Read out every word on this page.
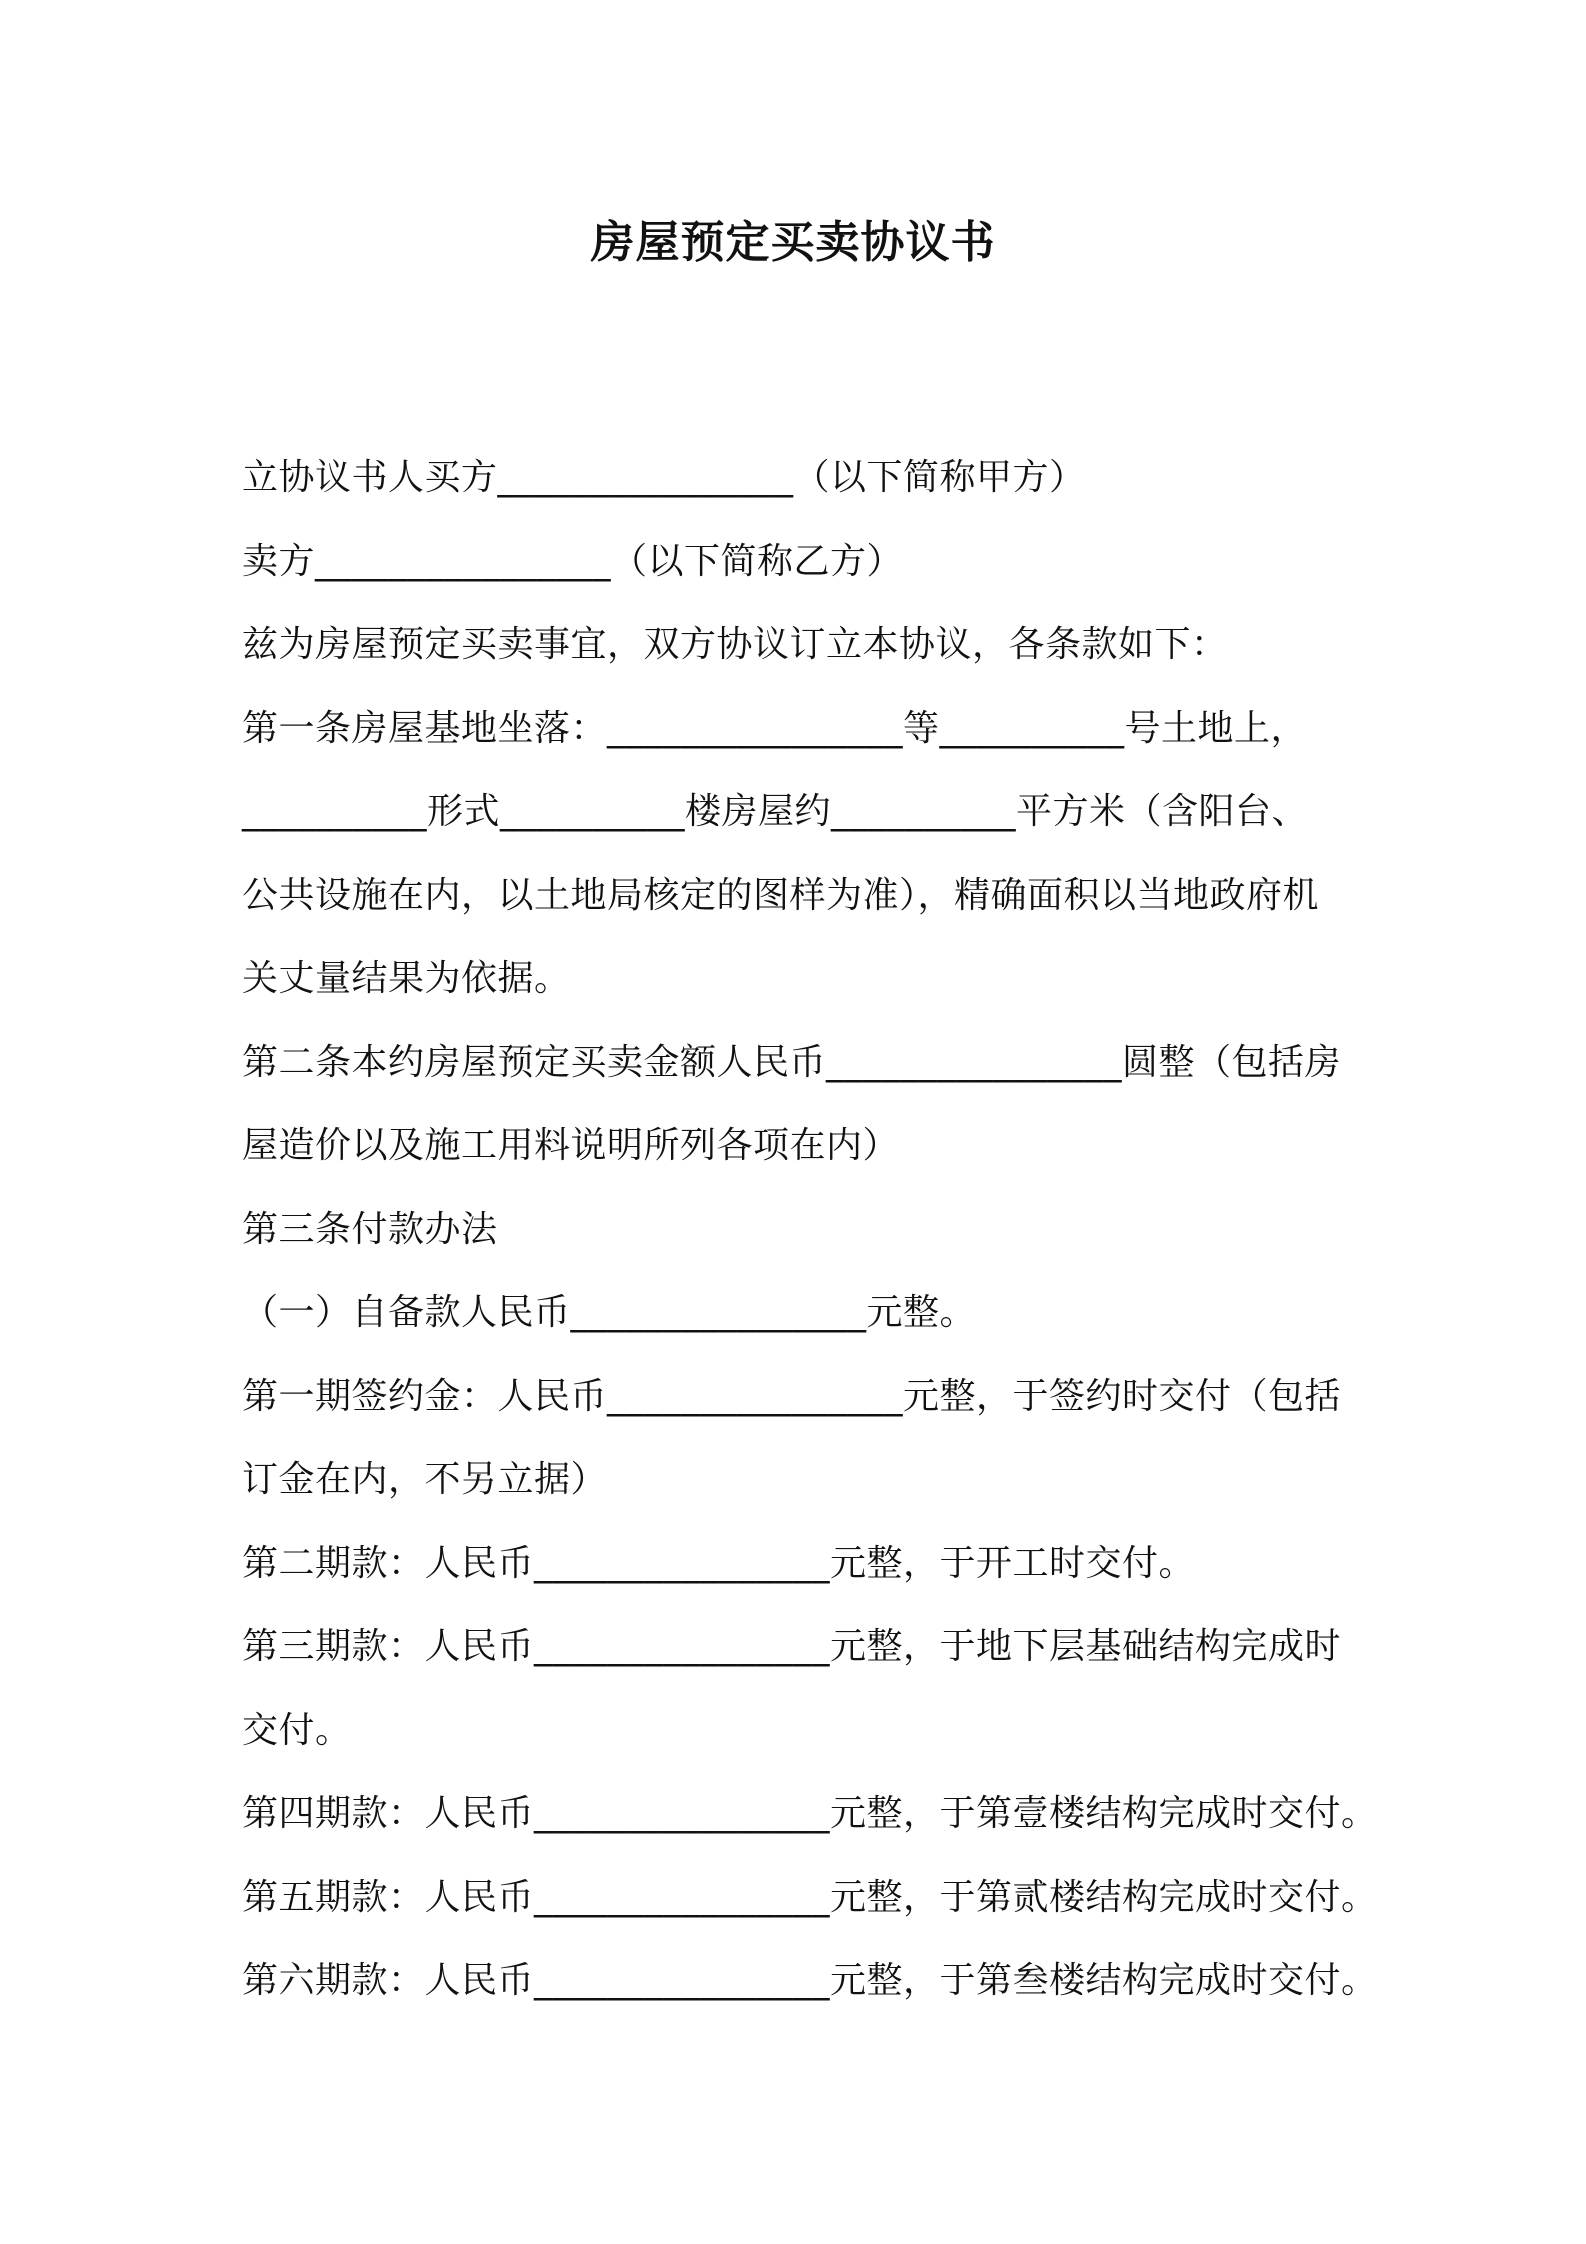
房屋预定买卖协议书
立协议书人买方________________（以下简称甲方）
卖方________________（以下简称乙方）
兹为房屋预定买卖事宜，双方协议订立本协议，各条款如下：
第一条房屋基地坐落：________________等__________号土地上，
__________形式__________楼房屋约__________平方米（含阳台、
公共设施在内，以土地局核定的图样为准），精确面积以当地政府机
关丈量结果为依据。
第二条本约房屋预定买卖金额人民币________________圆整（包括房
屋造价以及施工用料说明所列各项在内）
第三条付款办法
（一）自备款人民币________________元整。
第一期签约金：人民币________________元整，于签约时交付（包括
订金在内，不另立据）
第二期款：人民币________________元整，于开工时交付。
第三期款：人民币________________元整，于地下层基础结构完成时
交付。
第四期款：人民币________________元整，于第壹楼结构完成时交付。
第五期款：人民币________________元整，于第贰楼结构完成时交付。
第六期款：人民币________________元整，于第叁楼结构完成时交付。
